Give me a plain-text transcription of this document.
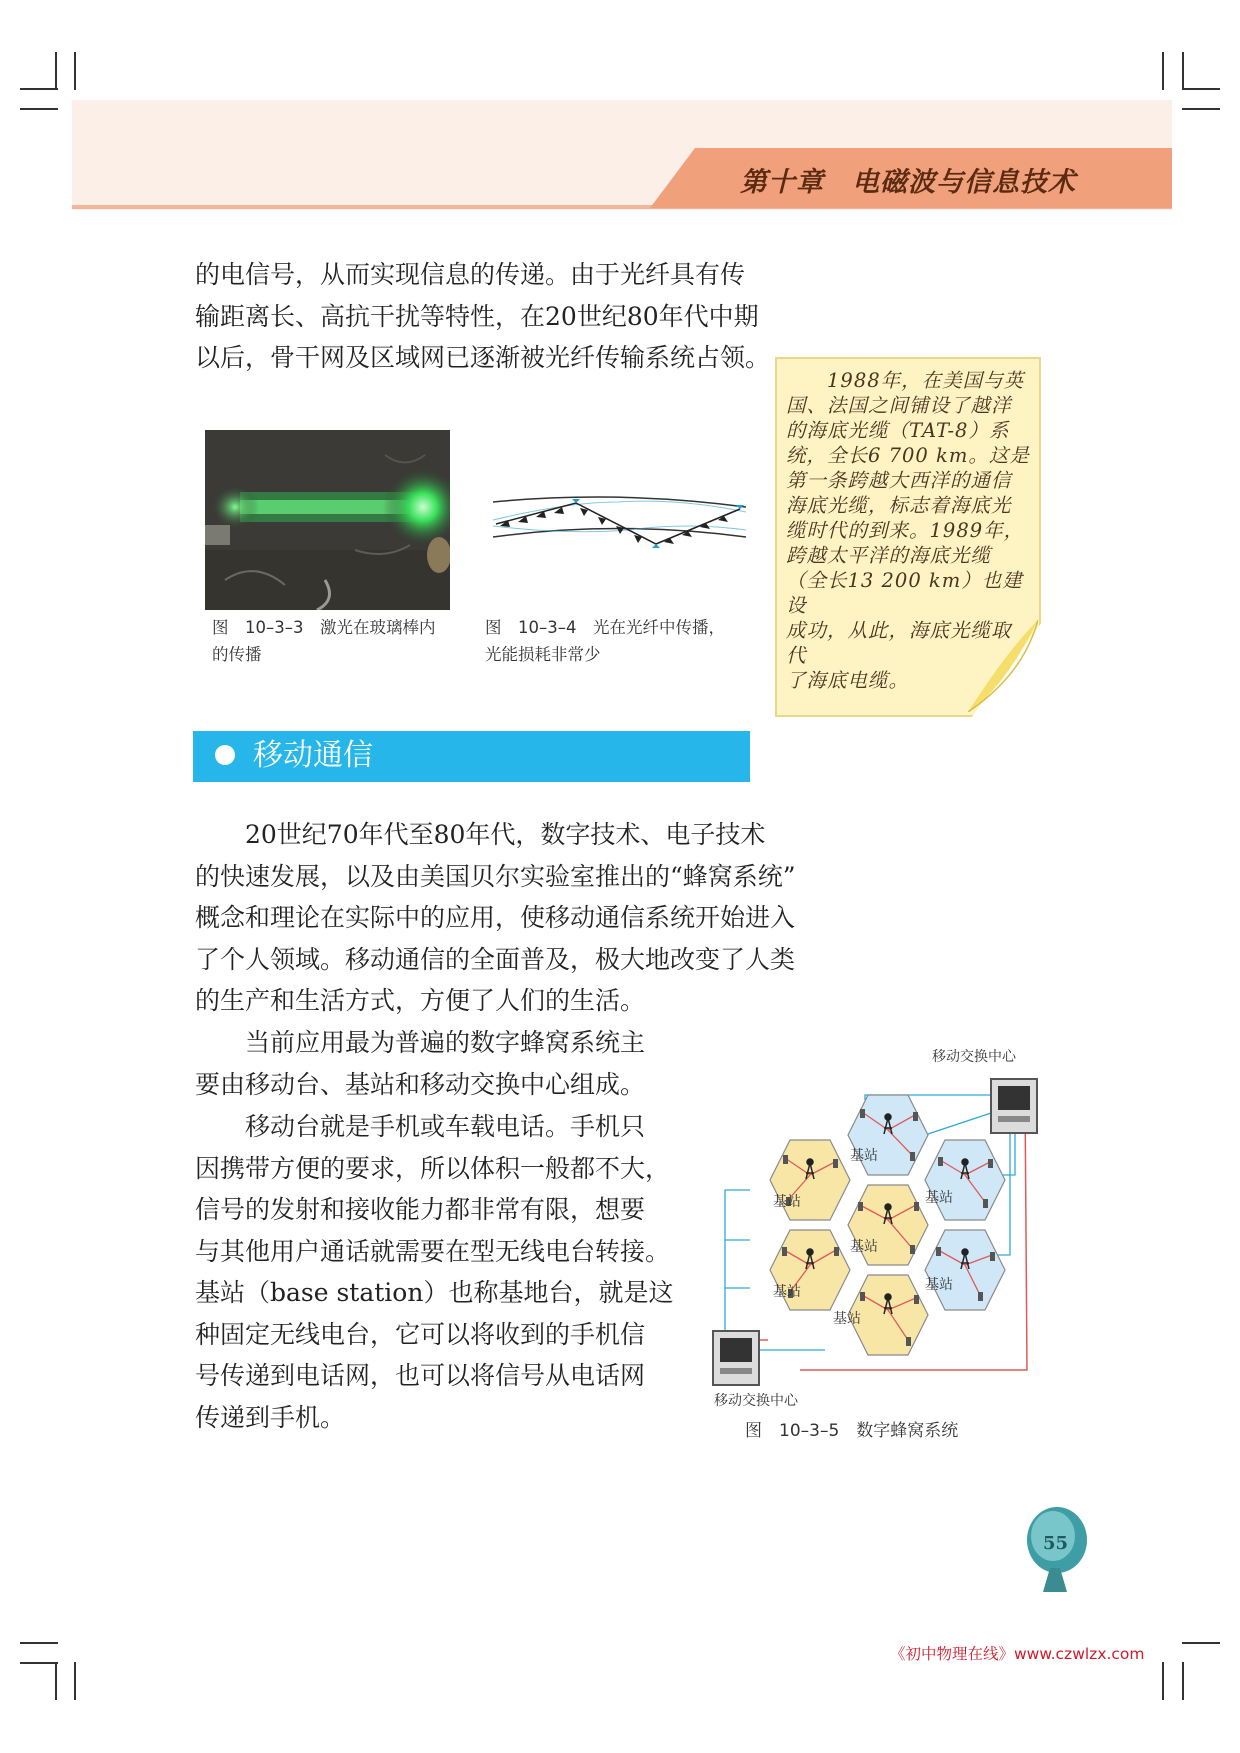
第十章　电磁波与信息技术

的电信号，从而实现信息的传递。由于光纤具有传

输距离长、高抗干扰等特性，在20世纪80年代中期

以后，骨干网及区域网已逐渐被光纤传输系统占领。

图　10–3–3　激光在玻璃棒内
的传播
图　10–3–4　光在光纤中传播，
光能损耗非常少

　　1988年，在美国与英

国、法国之间铺设了越洋

的海底光缆（TAT-8）系

统，全长6 700 km。这是

第一条跨越大西洋的通信

海底光缆，标志着海底光

缆时代的到来。1989年，

跨越太平洋的海底光缆

（全长13 200 km）也建设

成功，从此，海底光缆取代

了海底电缆。

移动通信

　　20世纪70年代至80年代，数字技术、电子技术

的快速发展，以及由美国贝尔实验室推出的“蜂窝系统”

概念和理论在实际中的应用，使移动通信系统开始进入

了个人领域。移动通信的全面普及，极大地改变了人类

的生产和生活方式，方便了人们的生活。

　　当前应用最为普遍的数字蜂窝系统主

要由移动台、基站和移动交换中心组成。

　　移动台就是手机或车载电话。手机只

因携带方便的要求，所以体积一般都不大，

信号的发射和接收能力都非常有限，想要

与其他用户通话就需要在型无线电台转接。

基站（base station）也称基地台，就是这

种固定无线电台，它可以将收到的手机信

号传递到电话网，也可以将信号从电话网

传递到手机。

基站
基站	基站
基站
基站	基站
基站
移动交换中心
移动交换中心
图　10–3–5　数字蜂窝系统
55
《初中物理在线》www.czwlzx.com
